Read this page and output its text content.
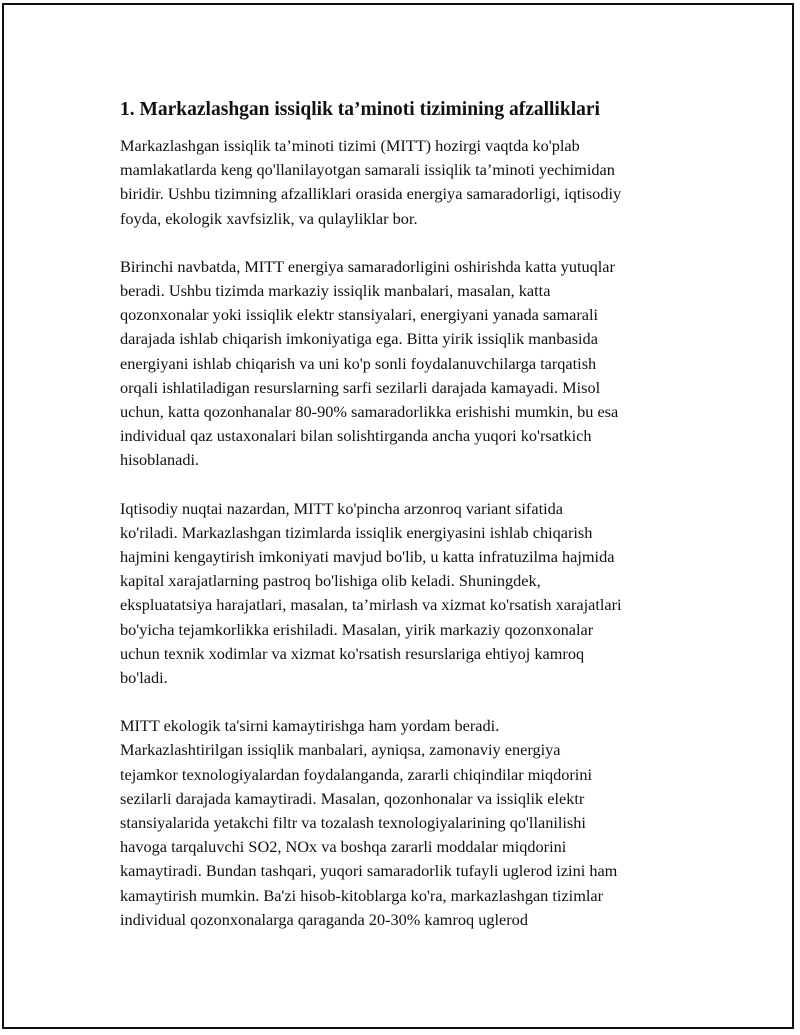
1. Markazlashgan issiqlik ta’minoti tizimining afzalliklari

Markazlashgan issiqlik ta’minoti tizimi (MITT) hozirgi vaqtda ko'plab
mamlakatlarda keng qo'llanilayotgan samarali issiqlik ta’minoti yechimidan
biridir. Ushbu tizimning afzalliklari orasida energiya samaradorligi, iqtisodiy
foyda, ekologik xavfsizlik, va qulayliklar bor.

Birinchi navbatda, MITT energiya samaradorligini oshirishda katta yutuqlar
beradi. Ushbu tizimda markaziy issiqlik manbalari, masalan, katta
qozonxonalar yoki issiqlik elektr stansiyalari, energiyani yanada samarali
darajada ishlab chiqarish imkoniyatiga ega. Bitta yirik issiqlik manbasida
energiyani ishlab chiqarish va uni ko'p sonli foydalanuvchilarga tarqatish
orqali ishlatiladigan resurslarning sarfi sezilarli darajada kamayadi. Misol
uchun, katta qozonhanalar 80-90% samaradorlikka erishishi mumkin, bu esa
individual qaz ustaxonalari bilan solishtirganda ancha yuqori ko'rsatkich
hisoblanadi.

Iqtisodiy nuqtai nazardan, MITT ko'pincha arzonroq variant sifatida
ko'riladi. Markazlashgan tizimlarda issiqlik energiyasini ishlab chiqarish
hajmini kengaytirish imkoniyati mavjud bo'lib, u katta infratuzilma hajmida
kapital xarajatlarning pastroq bo'lishiga olib keladi. Shuningdek,
ekspluatatsiya harajatlari, masalan, ta’mirlash va xizmat ko'rsatish xarajatlari
bo'yicha tejamkorlikka erishiladi. Masalan, yirik markaziy qozonxonalar
uchun texnik xodimlar va xizmat ko'rsatish resurslariga ehtiyoj kamroq
bo'ladi.

MITT ekologik ta'sirni kamaytirishga ham yordam beradi.
Markazlashtirilgan issiqlik manbalari, ayniqsa, zamonaviy energiya
tejamkor texnologiyalardan foydalanganda, zararli chiqindilar miqdorini
sezilarli darajada kamaytiradi. Masalan, qozonhonalar va issiqlik elektr
stansiyalarida yetakchi filtr va tozalash texnologiyalarining qo'llanilishi
havoga tarqaluvchi SO2, NOx va boshqa zararli moddalar miqdorini
kamaytiradi. Bundan tashqari, yuqori samaradorlik tufayli uglerod izini ham
kamaytirish mumkin. Ba'zi hisob-kitoblarga ko'ra, markazlashgan tizimlar
individual qozonxonalarga qaraganda 20-30% kamroq uglerod
